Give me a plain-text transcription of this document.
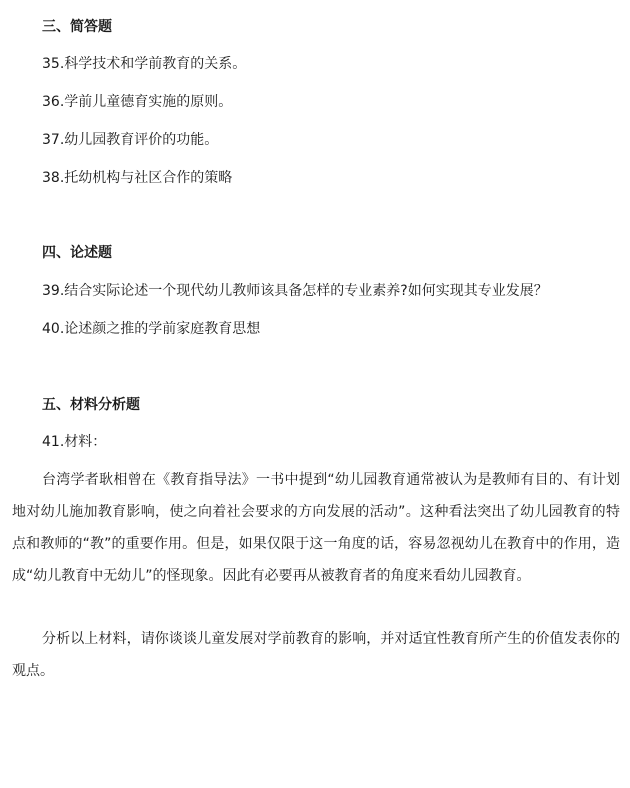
三、简答题
35.科学技术和学前教育的关系。
36.学前儿童德育实施的原则。
37.幼儿园教育评价的功能。
38.托幼机构与社区合作的策略
四、论述题
39.结合实际论述一个现代幼儿教师该具备怎样的专业素养?如何实现其专业发展？
40.论述颜之推的学前家庭教育思想
五、材料分析题
41.材料：
台湾学者耿相曾在《教育指导法》一书中提到“幼儿园教育通常被认为是教师有目的、有计划地对幼儿施加教育影响，使之向着社会要求的方向发展的活动”。这种看法突出了幼儿园教育的特点和教师的“教”的重要作用。但是，如果仅限于这一角度的话，容易忽视幼儿在教育中的作用，造成“幼儿教育中无幼儿”的怪现象。因此有必要再从被教育者的角度来看幼儿园教育。
分析以上材料，请你谈谈儿童发展对学前教育的影响，并对适宜性教育所产生的价值发表你的观点。
